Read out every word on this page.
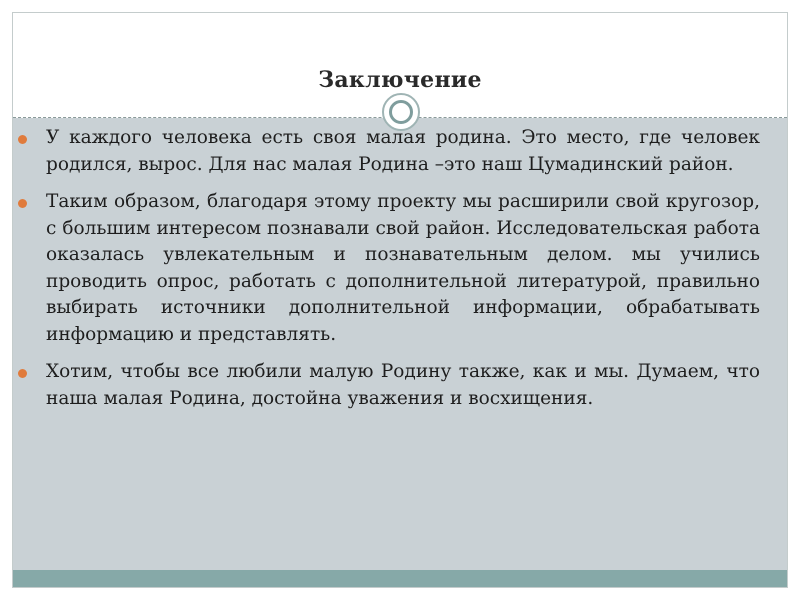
Заключение
У каждого человека есть своя малая родина. Это место, где человек родился, вырос. Для нас малая Родина –это наш Цумадинский район.
Таким образом, благодаря этому проекту мы расширили свой кругозор, с большим интересом познавали свой район. Исследовательская работа оказалась увлекательным и познавательным делом. мы учились проводить опрос, работать с дополнительной литературой, правильно выбирать источники дополнительной информации, обрабатывать информацию и представлять.
Хотим, чтобы все любили малую Родину также, как и мы. Думаем, что наша малая Родина, достойна уважения и восхищения.
